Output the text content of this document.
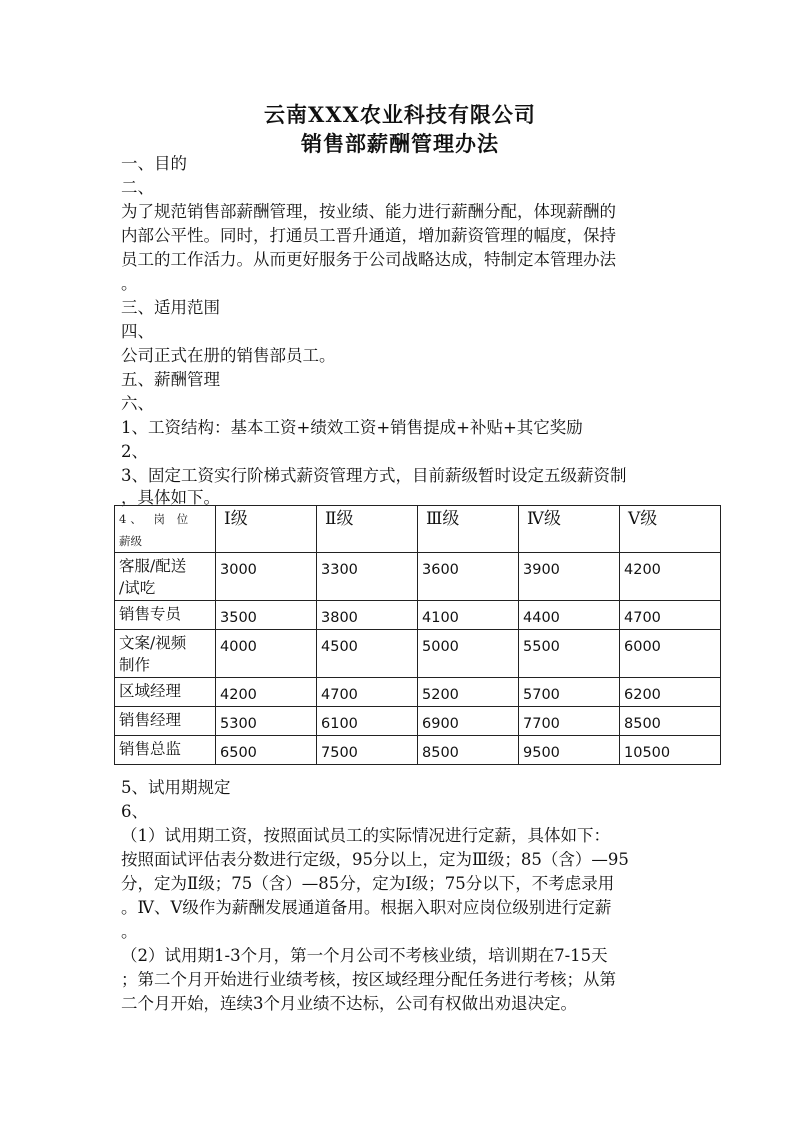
云南XXX农业科技有限公司
销售部薪酬管理办法
一、目的
二、
为了规范销售部薪酬管理，按业绩、能力进行薪酬分配，体现薪酬的
内部公平性。同时，打通员工晋升通道，增加薪资管理的幅度，保持
员工的工作活力。从而更好服务于公司战略达成，特制定本管理办法
。
三、适用范围
四、
公司正式在册的销售部员工。
五、薪酬管理
六、
1、工资结构：基本工资+绩效工资+销售提成+补贴+其它奖励
2、
3、固定工资实行阶梯式薪资管理方式，目前薪级暂时设定五级薪资制
，具体如下。
4、 岗 位
薪级	Ⅰ级	Ⅱ级	Ⅲ级	Ⅳ级	Ⅴ级

客服/配送
/试吃	3000	3300	3600	3900	4200

销售专员	3500	3800	4100	4400	4700

文案/视频
制作	4000	4500	5000	5500	6000

区域经理	4200	4700	5200	5700	6200

销售经理	5300	6100	6900	7700	8500

销售总监	6500	7500	8500	9500	10500
5、试用期规定
6、
（1）试用期工资，按照面试员工的实际情况进行定薪，具体如下：
按照面试评估表分数进行定级，95分以上，定为Ⅲ级；85（含）—95
分，定为Ⅱ级；75（含）—85分，定为Ⅰ级；75分以下，不考虑录用
。Ⅳ、Ⅴ级作为薪酬发展通道备用。根据入职对应岗位级别进行定薪
。
（2）试用期1-3个月，第一个月公司不考核业绩，培训期在7-15天
；第二个月开始进行业绩考核，按区域经理分配任务进行考核；从第
二个月开始，连续3个月业绩不达标，公司有权做出劝退决定。
